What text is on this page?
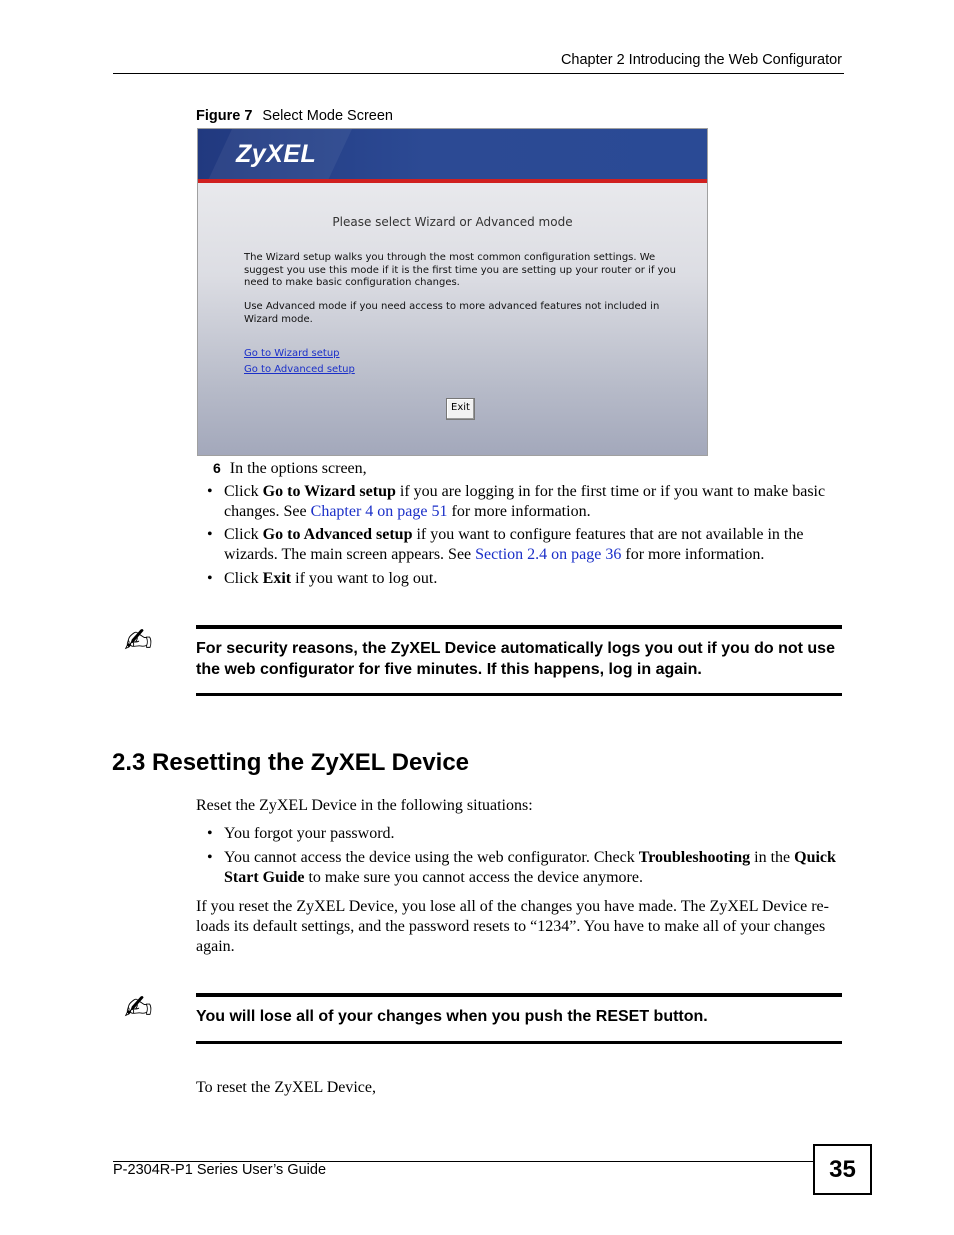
Chapter 2 Introducing the Web Configurator
Figure 7 Select Mode Screen
ZyXEL
Please select Wizard or Advanced mode
The Wizard setup walks you through the most common configuration settings. We suggest you use this mode if it is the first time you are setting up your router or if you need to make basic configuration changes.
Use Advanced mode if you need access to more advanced features not included in Wizard mode.
Go to Wizard setup
Go to Advanced setup
Exit
6 In the options screen,
• Click Go to Wizard setup if you are logging in for the first time or if you want to make basic changes. See Chapter 4 on page 51 for more information.
• Click Go to Advanced setup if you want to configure features that are not available in the wizards. The main screen appears. See Section 2.4 on page 36 for more information.
• Click Exit if you want to log out.
✍	For security reasons, the ZyXEL Device automatically logs you out if you do not use the web configurator for five minutes. If this happens, log in again.
2.3 Resetting the ZyXEL Device
Reset the ZyXEL Device in the following situations:
• You forgot your password.
• You cannot access the device using the web configurator. Check Troubleshooting in the Quick Start Guide to make sure you cannot access the device anymore.
If you reset the ZyXEL Device, you lose all of the changes you have made. The ZyXEL Device re-loads its default settings, and the password resets to “1234”. You have to make all of your changes again.
✍	You will lose all of your changes when you push the RESET button.
To reset the ZyXEL Device,
P-2304R-P1 Series User’s Guide	35
